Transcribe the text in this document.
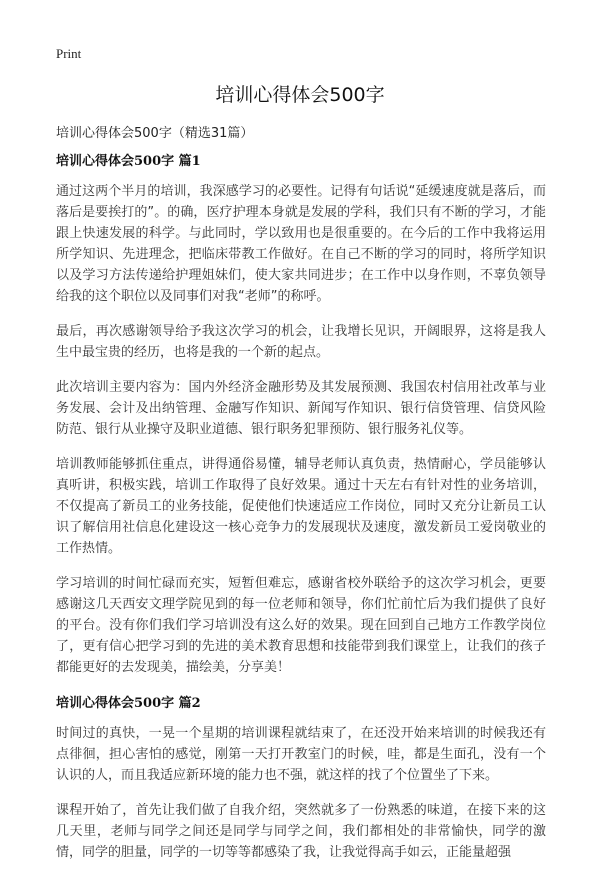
Print
培训心得体会500字

培训心得体会500字（精选31篇）

培训心得体会500字 篇1

通过这两个半月的培训，我深感学习的必要性。记得有句话说“延缓速度就是落后，而落后是要挨打的”。的确，医疗护理本身就是发展的学科，我们只有不断的学习，才能跟上快速发展的科学。与此同时，学以致用也是很重要的。在今后的工作中我将运用所学知识、先进理念，把临床带教工作做好。在自己不断的学习的同时，将所学知识以及学习方法传递给护理姐妹们，使大家共同进步；在工作中以身作则，不辜负领导给我的这个职位以及同事们对我“老师”的称呼。

最后，再次感谢领导给予我这次学习的机会，让我增长见识，开阔眼界，这将是我人生中最宝贵的经历，也将是我的一个新的起点。

此次培训主要内容为：国内外经济金融形势及其发展预测、我国农村信用社改革与业务发展、会计及出纳管理、金融写作知识、新闻写作知识、银行信贷管理、信贷风险防范、银行从业操守及职业道德、银行职务犯罪预防、银行服务礼仪等。

培训教师能够抓住重点，讲得通俗易懂，辅导老师认真负责，热情耐心，学员能够认真听讲，积极实践，培训工作取得了良好效果。通过十天左右有针对性的业务培训，不仅提高了新员工的业务技能，促使他们快速适应工作岗位，同时又充分让新员工认识了解信用社信息化建设这一核心竞争力的发展现状及速度，激发新员工爱岗敬业的工作热情。

学习培训的时间忙碌而充实，短暂但难忘，感谢省校外联给予的这次学习机会，更要感谢这几天西安文理学院见到的每一位老师和领导，你们忙前忙后为我们提供了良好的平台。没有你们我们学习培训没有这么好的效果。现在回到自己地方工作教学岗位了，更有信心把学习到的先进的美术教育思想和技能带到我们课堂上，让我们的孩子都能更好的去发现美，描绘美，分享美！

培训心得体会500字 篇2

时间过的真快，一晃一个星期的培训课程就结束了，在还没开始来培训的时候我还有点徘徊，担心害怕的感觉，刚第一天打开教室门的时候，哇，都是生面孔，没有一个认识的人，而且我适应新环境的能力也不强，就这样的找了个位置坐了下来。

课程开始了，首先让我们做了自我介绍，突然就多了一份熟悉的味道，在接下来的这几天里，老师与同学之间还是同学与同学之间，我们都相处的非常愉快，同学的激情，同学的胆量，同学的一切等等都感染了我，让我觉得高手如云，正能量超强
